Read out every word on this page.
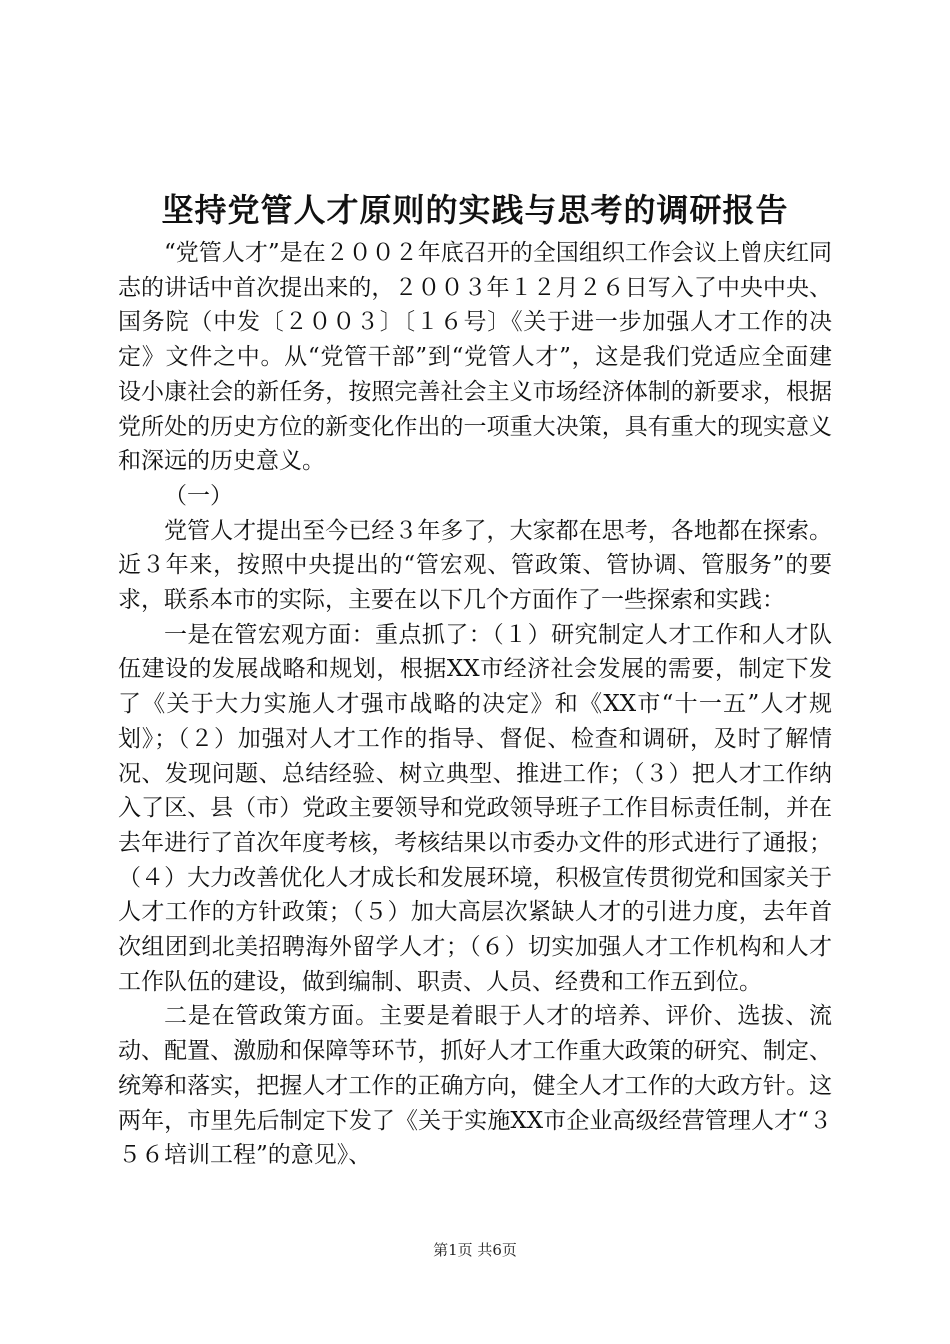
坚持党管人才原则的实践与思考的调研报告

“党管人才”是在２００２年底召开的全国组织工作会议上曾庆红同志的讲话中首次提出来的，２００３年１２月２６日写入了中央中央、国务院（中发〔２００３〕〔１６号〕《关于进一步加强人才工作的决定》文件之中。从“党管干部”到“党管人才”，这是我们党适应全面建设小康社会的新任务，按照完善社会主义市场经济体制的新要求，根据党所处的历史方位的新变化作出的一项重大决策，具有重大的现实意义和深远的历史意义。

（一）

党管人才提出至今已经３年多了，大家都在思考，各地都在探索。近３年来，按照中央提出的“管宏观、管政策、管协调、管服务”的要求，联系本市的实际，主要在以下几个方面作了一些探索和实践：

一是在管宏观方面：重点抓了：（１）研究制定人才工作和人才队伍建设的发展战略和规划，根据XX市经济社会发展的需要，制定下发了《关于大力实施人才强市战略的决定》和《XX市“十一五”人才规划》；（２）加强对人才工作的指导、督促、检查和调研，及时了解情况、发现问题、总结经验、树立典型、推进工作；（３）把人才工作纳入了区、县（市）党政主要领导和党政领导班子工作目标责任制，并在去年进行了首次年度考核，考核结果以市委办文件的形式进行了通报；（４）大力改善优化人才成长和发展环境，积极宣传贯彻党和国家关于人才工作的方针政策；（５）加大高层次紧缺人才的引进力度，去年首次组团到北美招聘海外留学人才；（６）切实加强人才工作机构和人才工作队伍的建设，做到编制、职责、人员、经费和工作五到位。

二是在管政策方面。主要是着眼于人才的培养、评价、选拔、流动、配置、激励和保障等环节，抓好人才工作重大政策的研究、制定、统筹和落实，把握人才工作的正确方向，健全人才工作的大政方针。这两年，市里先后制定下发了《关于实施XX市企业高级经营管理人才“３５６培训工程”的意见》、

第1页 共6页
